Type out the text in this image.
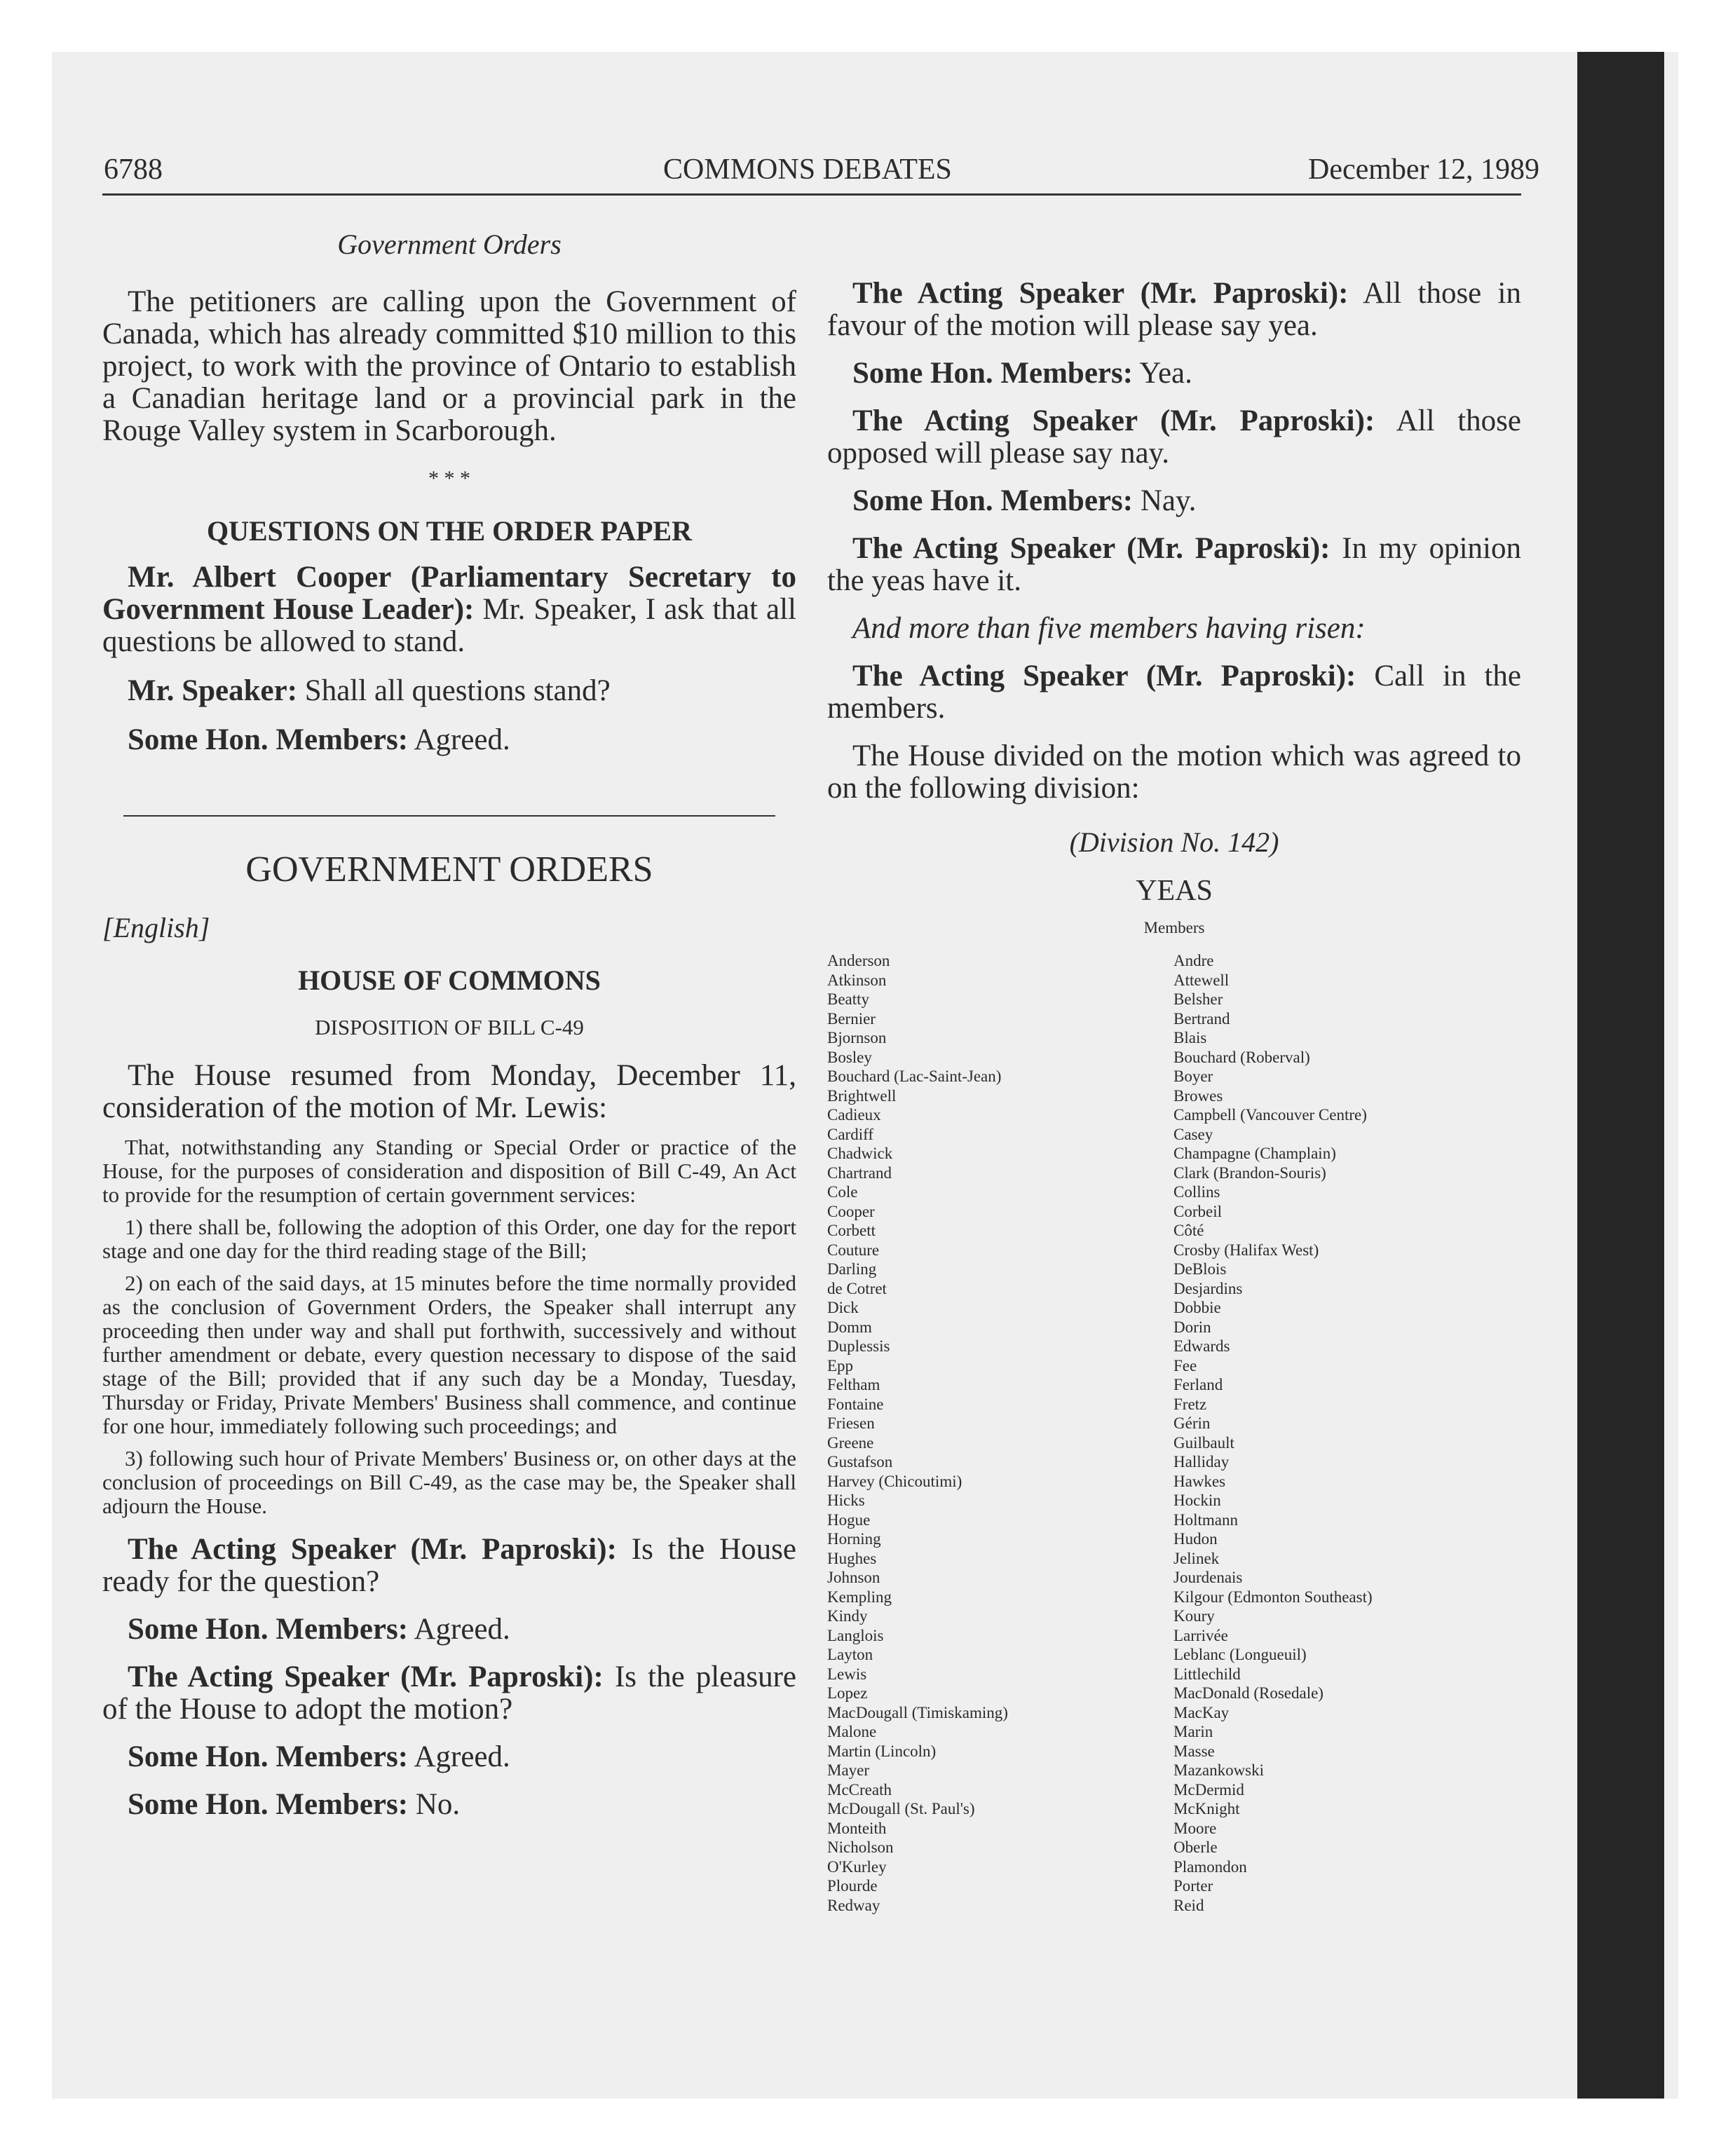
6788	COMMONS DEBATES	December 12, 1989
Government Orders

The petitioners are calling upon the Government of Canada, which has already committed $10 million to this project, to work with the province of Ontario to establish a Canadian heritage land or a provincial park in the Rouge Valley system in Scarborough.

* * *
QUESTIONS ON THE ORDER PAPER

Mr. Albert Cooper (Parliamentary Secretary to Government House Leader): Mr. Speaker, I ask that all questions be allowed to stand.

Mr. Speaker: Shall all questions stand?

Some Hon. Members: Agreed.

GOVERNMENT ORDERS
[English]
HOUSE OF COMMONS
DISPOSITION OF BILL C-49

The House resumed from Monday, December 11, consideration of the motion of Mr. Lewis:

That, notwithstanding any Standing or Special Order or practice of the House, for the purposes of consideration and disposition of Bill C-49, An Act to provide for the resumption of certain government services:

1) there shall be, following the adoption of this Order, one day for the report stage and one day for the third reading stage of the Bill;

2) on each of the said days, at 15 minutes before the time normally provided as the conclusion of Government Orders, the Speaker shall interrupt any proceeding then under way and shall put forthwith, successively and without further amendment or debate, every question necessary to dispose of the said stage of the Bill; provided that if any such day be a Monday, Tuesday, Thursday or Friday, Private Members' Business shall commence, and continue for one hour, immediately following such proceedings; and

3) following such hour of Private Members' Business or, on other days at the conclusion of proceedings on Bill C-49, as the case may be, the Speaker shall adjourn the House.

The Acting Speaker (Mr. Paproski): Is the House ready for the question?

Some Hon. Members: Agreed.

The Acting Speaker (Mr. Paproski): Is the pleasure of the House to adopt the motion?

Some Hon. Members: Agreed.

Some Hon. Members: No.

The Acting Speaker (Mr. Paproski): All those in favour of the motion will please say yea.

Some Hon. Members: Yea.

The Acting Speaker (Mr. Paproski): All those opposed will please say nay.

Some Hon. Members: Nay.

The Acting Speaker (Mr. Paproski): In my opinion the yeas have it.

And more than five members having risen:

The Acting Speaker (Mr. Paproski): Call in the members.

The House divided on the motion which was agreed to on the following division:

(Division No. 142)
YEAS
Members
Anderson
Atkinson
Beatty
Bernier
Bjornson
Bosley
Bouchard (Lac-Saint-Jean)
Brightwell
Cadieux
Cardiff
Chadwick
Chartrand
Cole
Cooper
Corbett
Couture
Darling
de Cotret
Dick
Domm
Duplessis
Epp
Feltham
Fontaine
Friesen
Greene
Gustafson
Harvey (Chicoutimi)
Hicks
Hogue
Horning
Hughes
Johnson
Kempling
Kindy
Langlois
Layton
Lewis
Lopez
MacDougall (Timiskaming)
Malone
Martin (Lincoln)
Mayer
McCreath
McDougall (St. Paul's)
Monteith
Nicholson
O'Kurley
Plourde
Redway
Andre
Attewell
Belsher
Bertrand
Blais
Bouchard (Roberval)
Boyer
Browes
Campbell (Vancouver Centre)
Casey
Champagne (Champlain)
Clark (Brandon-Souris)
Collins
Corbeil
Côté
Crosby (Halifax West)
DeBlois
Desjardins
Dobbie
Dorin
Edwards
Fee
Ferland
Fretz
Gérin
Guilbault
Halliday
Hawkes
Hockin
Holtmann
Hudon
Jelinek
Jourdenais
Kilgour (Edmonton Southeast)
Koury
Larrivée
Leblanc (Longueuil)
Littlechild
MacDonald (Rosedale)
MacKay
Marin
Masse
Mazankowski
McDermid
McKnight
Moore
Oberle
Plamondon
Porter
Reid
